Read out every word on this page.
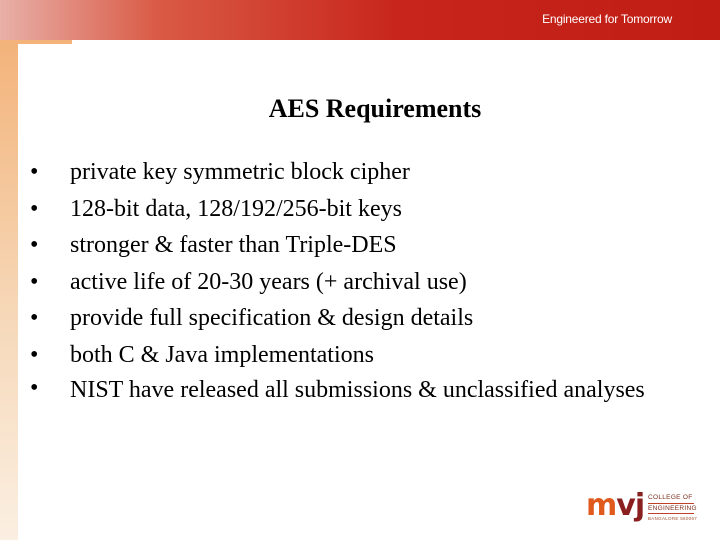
Engineered for Tomorrow
AES Requirements
• private key symmetric block cipher
• 128-bit data, 128/192/256-bit keys
• stronger & faster than Triple-DES
• active life of 20-30 years (+ archival use)
• provide full specification & design details
• both C & Java implementations
• NIST have released all submissions & unclassified analyses
mvj COLLEGE OF
ENGINEERING
BANGALORE 560067
